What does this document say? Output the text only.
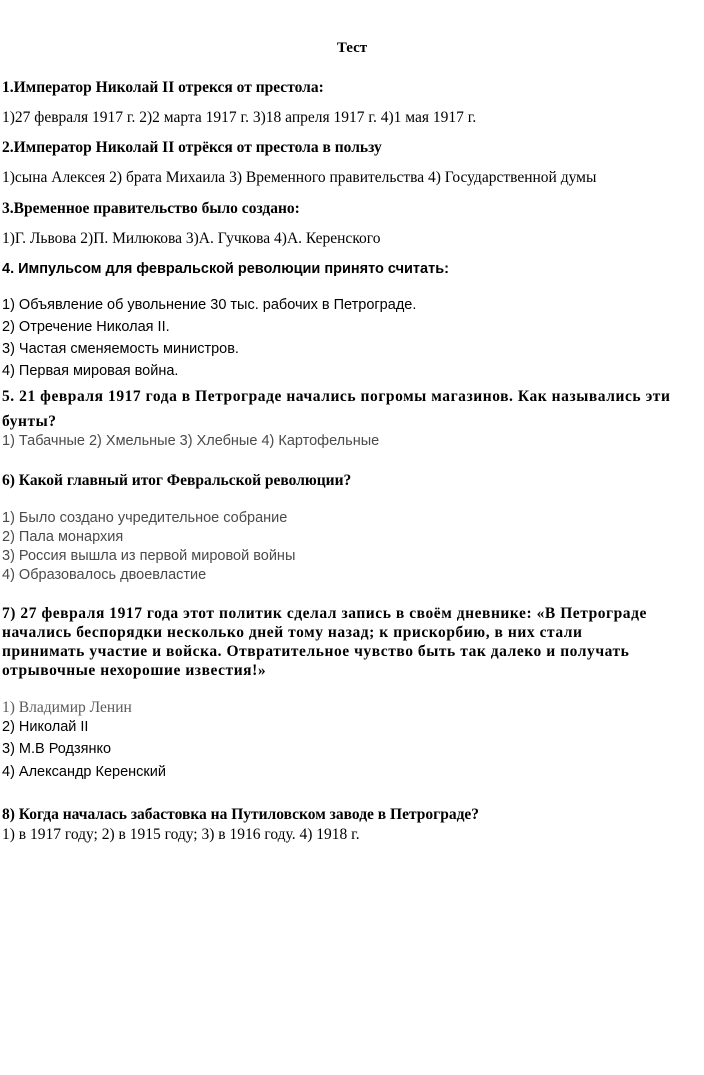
Тест
1.Император Николай II отрекся от престола:
1)27 февраля 1917 г. 2)2 марта 1917 г. 3)18 апреля 1917 г. 4)1 мая 1917 г.
2.Император Николай II отрёкся от престола в пользу
1)сына Алексея 2) брата Михаила 3) Временного правительства 4) Государственной думы
3.Временное правительство было создано:
1)Г. Львова 2)П. Милюкова 3)А. Гучкова 4)А. Керенского
4. Импульсом для февральской революции принято считать:
1) Объявление об увольнение 30 тыс. рабочих в Петрограде.
2) Отречение Николая II.
3) Частая сменяемость министров.
4) Первая мировая война.
5. 21 февраля 1917 года в Петрограде начались погромы магазинов. Как назывались эти
бунты?
1) Табачные 2) Хмельные 3) Хлебные 4) Картофельные
6) Какой главный итог Февральской революции?
1) Было создано учредительное собрание
2) Пала монархия
3) Россия вышла из первой мировой войны
4) Образовалось двоевластие
7) 27 февраля 1917 года этот политик сделал запись в своём дневнике: «В Петрограде
начались беспорядки несколько дней тому назад; к прискорбию, в них стали
принимать участие и войска. Отвратительное чувство быть так далеко и получать
отрывочные нехорошие известия!»
1) Владимир Ленин
2) Николай II
3) М.В Родзянко
4) Александр Керенский
8) Когда началась забастовка на Путиловском заводе в Петрограде?
1) в 1917 году; 2) в 1915 году; 3) в 1916 году. 4) 1918 г.
